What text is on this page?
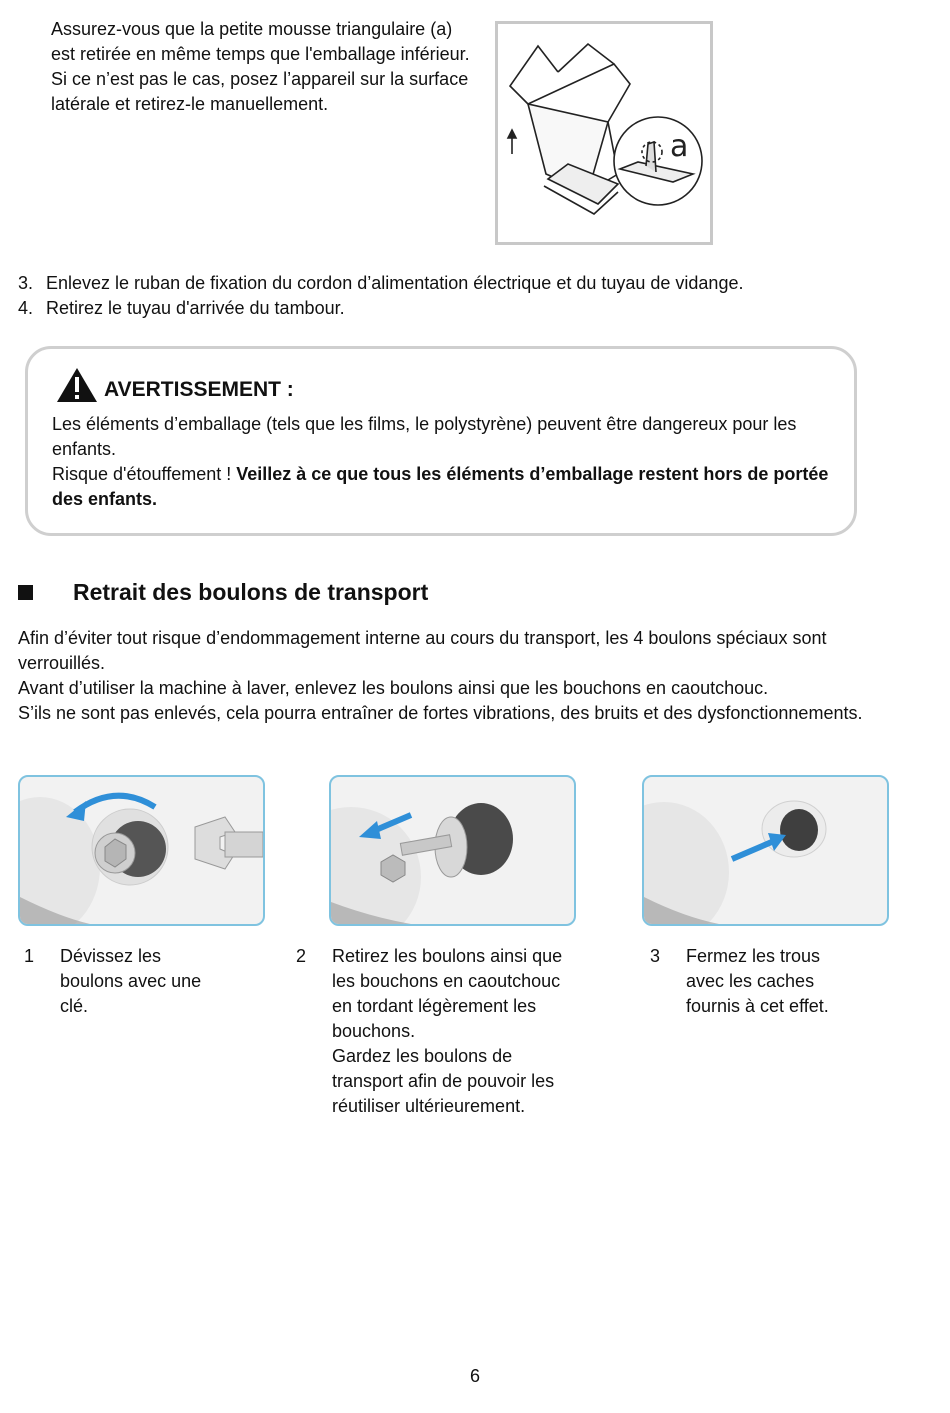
Assurez-vous que la petite mousse triangulaire (a) est retirée en même temps que l'emballage inférieur. Si ce n’est pas le cas, posez l’appareil sur la surface latérale et retirez-le manuellement.
a
3. Enlevez le ruban de fixation du cordon d’alimentation électrique et du tuyau de vidange.
4. Retirez le tuyau d'arrivée du tambour.
AVERTISSEMENT :
Les éléments d’emballage (tels que les films, le polystyrène) peuvent être dangereux pour les enfants.
Risque d'étouffement ! Veillez à ce que tous les éléments d’emballage restent hors de portée des enfants.
Retrait des boulons de transport
Afin d’éviter tout risque d’endommagement interne au cours du transport, les 4 boulons spéciaux sont verrouillés.
Avant d’utiliser la machine à laver, enlevez les boulons ainsi que les bouchons en caoutchouc.
S’ils ne sont pas enlevés, cela pourra entraîner de fortes vibrations, des bruits et des dysfonctionnements.
1	Dévissez les boulons avec une clé.
2	Retirez les boulons ainsi que les bouchons en caoutchouc en tordant légèrement les bouchons.
Gardez les boulons de transport afin de pouvoir les réutiliser ultérieurement.
3	Fermez les trous avec les caches fournis à cet effet.
6
